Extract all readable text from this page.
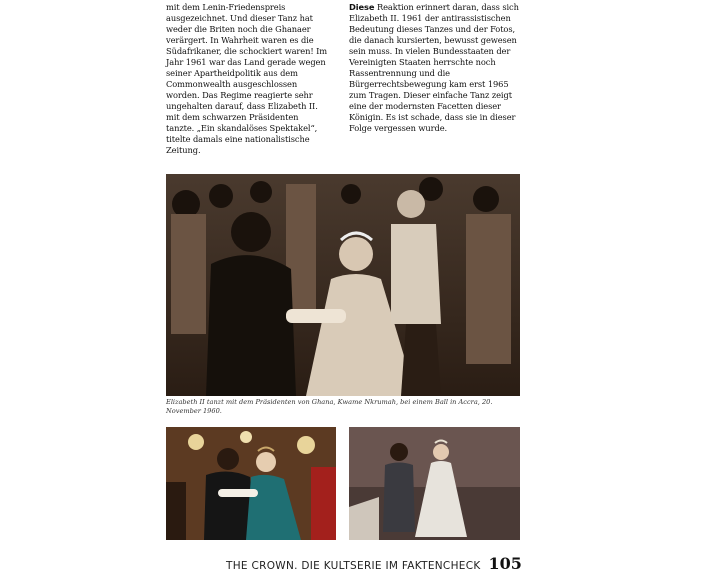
mit dem Lenin-Friedenspreis ausgezeichnet. Und dieser Tanz hat weder die Briten noch die Ghanaer verärgert. In Wahrheit waren es die Südafrikaner, die schockiert waren! Im Jahr 1961 war das Land gerade wegen seiner Apartheidpolitik aus dem Commonwealth ausgeschlossen worden. Das Regime reagierte sehr ungehalten darauf, dass Elizabeth II. mit dem schwarzen Präsidenten tanzte. „Ein skandalöses Spektakel“, titelte damals eine nationalistische Zeitung.

Diese Reaktion erinnert daran, dass sich Elizabeth II. 1961 der antirassistischen Bedeutung dieses Tanzes und der Fotos, die danach kursierten, bewusst gewesen sein muss. In vielen Bundesstaaten der Vereinigten Staaten herrschte noch Rassentrennung und die Bürgerrechtsbewegung kam erst 1965 zum Tragen. Dieser einfache Tanz zeigt eine der modernsten Facetten dieser Königin. Es ist schade, dass sie in dieser Folge vergessen wurde.

Elizabeth II tanzt mit dem Präsidenten von Ghana, Kwame Nkrumah, bei einem Ball in Accra, 20. November 1960.

THE CROWN. DIE KULTSERIE IM FAKTENCHECK 105
